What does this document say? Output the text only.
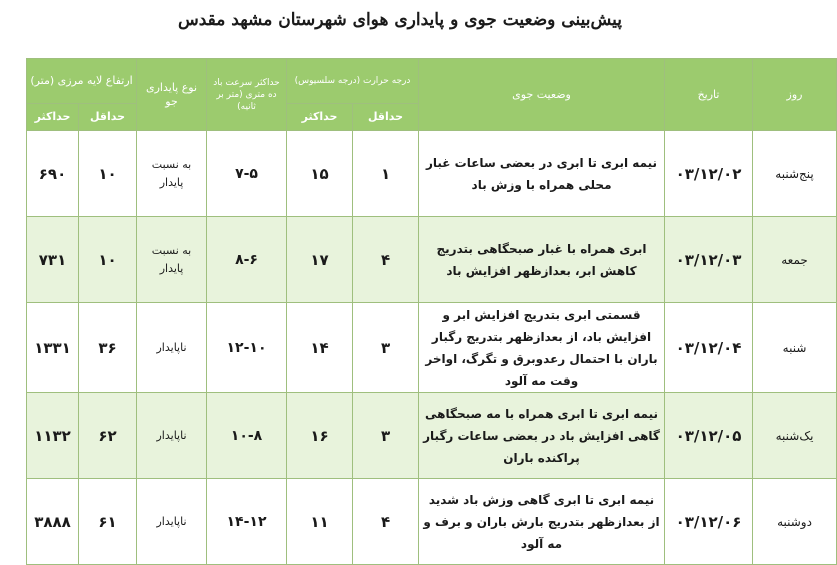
پیش‌بینی وضعیت جوی و پایداری هوای شهرستان مشهد مقدس
روز	تاریخ	وضعیت جوی	درجه حرارت (درجه سلسیوس)		حداکثر سرعت باد ده متری (متر بر ثانیه)	نوع پایداری جو	ارتفاع لایه مرزی (متر)	
			حداقل	حداکثر			حداقل	حداکثر
پنج‌شنبه	۰۳/۱۲/۰۲	نیمه ابری تا ابری در بعضی ساعات غبار محلی همراه با وزش باد	۱	۱۵	۷-۵	به نسبت پایدار	۱۰	۶۹۰
جمعه	۰۳/۱۲/۰۳	ابری همراه با غبار صبحگاهی بتدریج کاهش ابر، بعدازظهر افزایش باد	۴	۱۷	۸-۶	به نسبت پایدار	۱۰	۷۳۱
شنبه	۰۳/۱۲/۰۴	قسمتی ابری بتدریج افزایش ابر و افزایش باد، از بعدازظهر بتدریج رگبار باران با احتمال رعدوبرق و تگرگ، اواخر وقت مه آلود	۳	۱۴	۱۲-۱۰	ناپایدار	۳۶	۱۳۳۱
یک‌شنبه	۰۳/۱۲/۰۵	نیمه ابری تا ابری همراه با مه صبحگاهی گاهی افزایش باد در بعضی ساعات رگبار پراکنده باران	۳	۱۶	۱۰-۸	ناپایدار	۶۲	۱۱۳۲
دوشنبه	۰۳/۱۲/۰۶	نیمه ابری تا ابری گاهی وزش باد شدید از بعدازظهر بتدریج بارش باران و برف و مه آلود	۴	۱۱	۱۴-۱۲	ناپایدار	۶۱	۳۸۸۸
